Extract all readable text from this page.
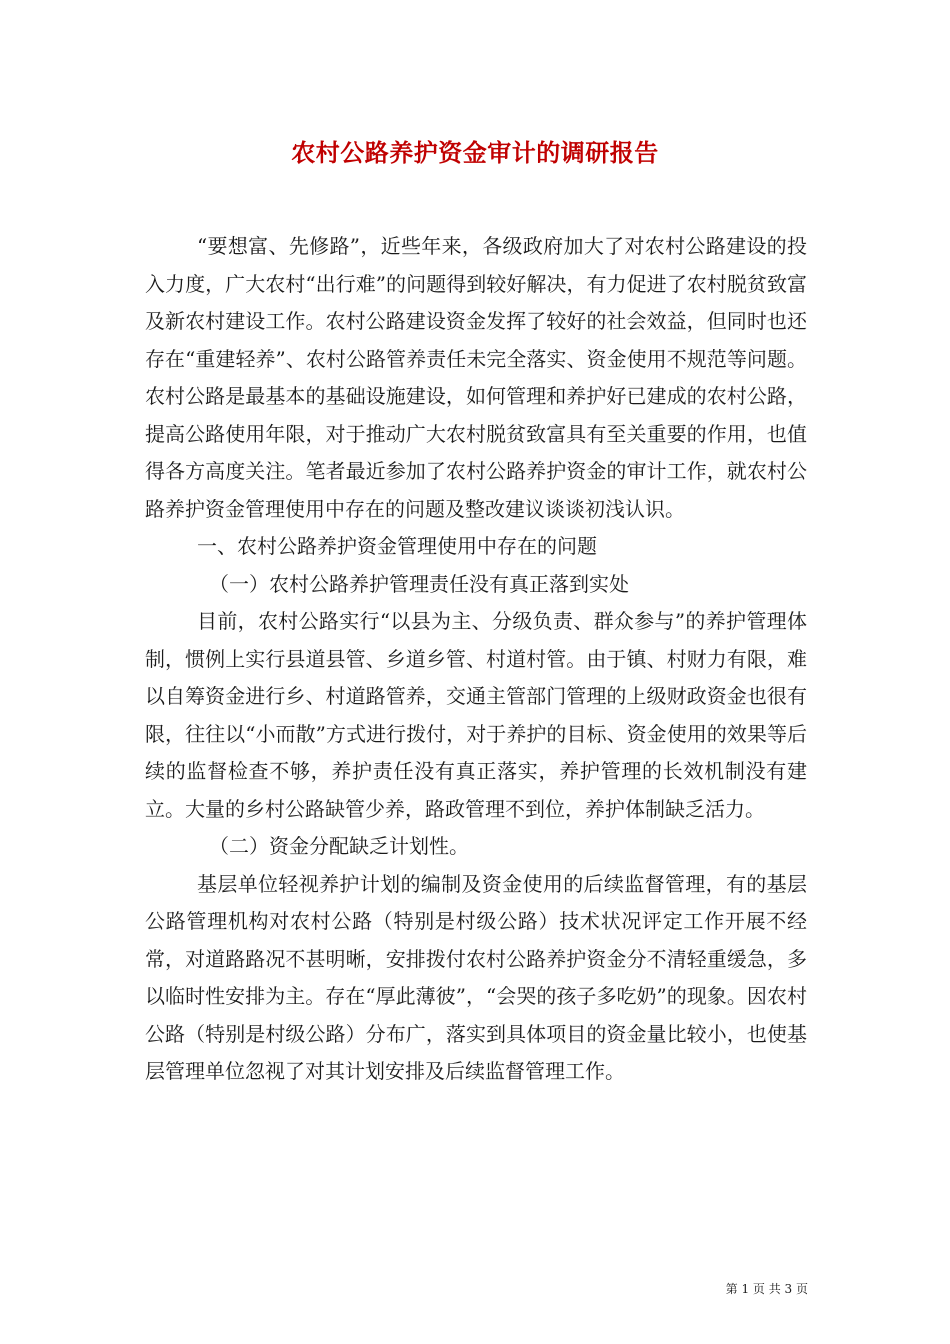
农村公路养护资金审计的调研报告

“要想富、先修路”，近些年来，各级政府加大了对农村公路建设的投入力度，广大农村“出行难”的问题得到较好解决，有力促进了农村脱贫致富及新农村建设工作。农村公路建设资金发挥了较好的社会效益，但同时也还存在“重建轻养”、农村公路管养责任未完全落实、资金使用不规范等问题。农村公路是最基本的基础设施建设，如何管理和养护好已建成的农村公路，提高公路使用年限，对于推动广大农村脱贫致富具有至关重要的作用，也值得各方高度关注。笔者最近参加了农村公路养护资金的审计工作，就农村公路养护资金管理使用中存在的问题及整改建议谈谈初浅认识。

一、农村公路养护资金管理使用中存在的问题

（一）农村公路养护管理责任没有真正落到实处

目前，农村公路实行“以县为主、分级负责、群众参与”的养护管理体制，惯例上实行县道县管、乡道乡管、村道村管。由于镇、村财力有限，难以自筹资金进行乡、村道路管养，交通主管部门管理的上级财政资金也很有限，往往以“小而散”方式进行拨付，对于养护的目标、资金使用的效果等后续的监督检查不够，养护责任没有真正落实，养护管理的长效机制没有建立。大量的乡村公路缺管少养，路政管理不到位，养护体制缺乏活力。

（二）资金分配缺乏计划性。

基层单位轻视养护计划的编制及资金使用的后续监督管理，有的基层公路管理机构对农村公路（特别是村级公路）技术状况评定工作开展不经常，对道路路况不甚明晰，安排拨付农村公路养护资金分不清轻重缓急，多以临时性安排为主。存在“厚此薄彼”，“会哭的孩子多吃奶”的现象。因农村公路（特别是村级公路）分布广，落实到具体项目的资金量比较小，也使基层管理单位忽视了对其计划安排及后续监督管理工作。

第 1 页 共 3 页
